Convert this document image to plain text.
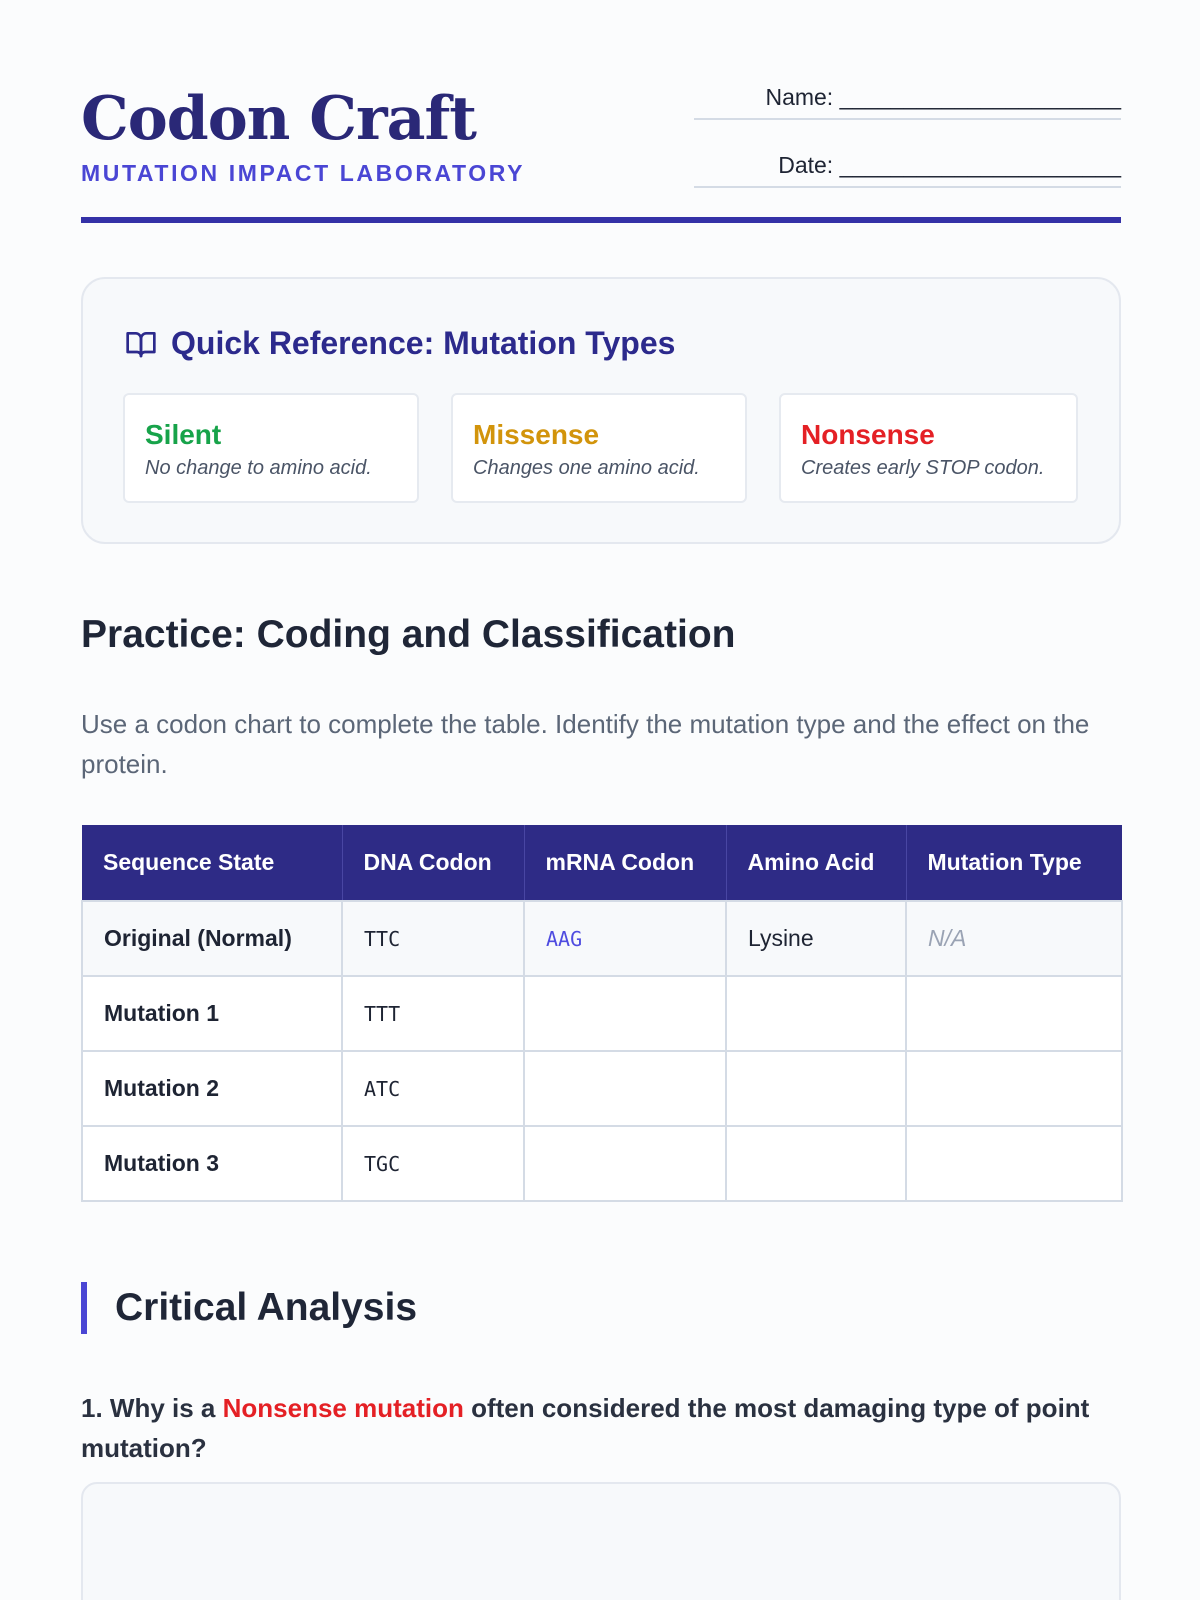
Codon Craft
MUTATION IMPACT LABORATORY
Name: ______________________
Date: ______________________
Quick Reference: Mutation Types
Silent
No change to amino acid.
Missense
Changes one amino acid.
Nonsense
Creates early STOP codon.
Practice: Coding and Classification
Use a codon chart to complete the table. Identify the mutation type and the effect on the protein.
Sequence State	DNA Codon	mRNA Codon	Amino Acid	Mutation Type
Original (Normal)	TTC	AAG	Lysine	N/A
Mutation 1	TTT			
Mutation 2	ATC			
Mutation 3	TGC			
Critical Analysis
1. Why is a Nonsense mutation often considered the most damaging type of point mutation?
